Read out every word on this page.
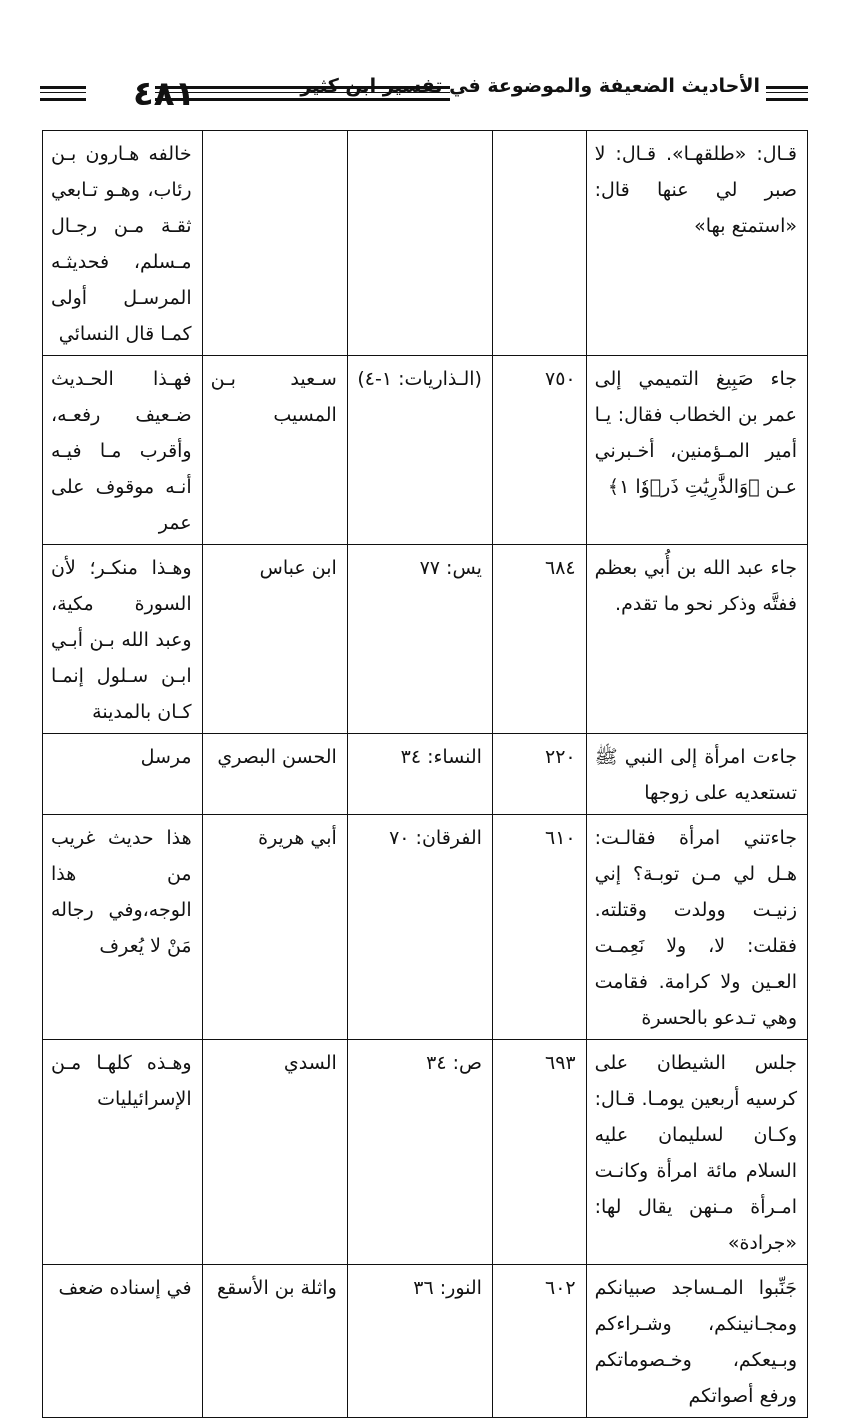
٤٨١	الأحاديث الضعيفة والموضوعة في تفسير ابن كثير
قـال: «طلقهـا». قـال: لا صبر لي عنها قال: «استمتع بها»				خالفه هـارون بـن رئاب، وهـو تـابعي ثقـة مـن رجـال مـسلم، فحديثـه المرسـل أولى كمـا قال النسائي
جاء صَبِيغ التميمي إلى عمر بن الخطاب فقال: يـا أمير المـؤمنين، أخـبرني عـن ﴿وَالذَّٰرِيَٰتِ ذَرۡوٗا ١﴾	٧٥٠	(الـذاريات: ١-٤)	سـعيد بـن المسيب	فهـذا الحـديث ضـعيف رفعـه، وأقرب مـا فيـه أنـه موقوف على عمر
جاء عبد الله بن أُبي بعظم ففتَّه وذكر نحو ما تقدم.	٦٨٤	يس: ٧٧	ابن عباس	وهـذا منكـر؛ لأن السورة مكية، وعبد الله بـن أبـي ابـن سـلول إنمـا كـان بالمدينة
جاءت امرأة إلى النبي ﷺ تستعديه على زوجها	٢٢٠	النساء: ٣٤	الحسن البصري	مرسل
جاءتني امرأة فقالـت: هـل لي مـن توبـة؟ إني زنيـت وولدت وقتلته. فقلت: لا، ولا نَعِمـت العـين ولا كرامة. فقامت وهي تـدعو بالحسرة	٦١٠	الفرقان: ٧٠	أبي هريرة	هذا حديث غريب من هذا الوجه،وفي رجاله مَنْ لا يُعرف
جلس الشيطان على كرسيه أربعين يومـا. قـال: وكـان لسليمان عليه السلام مائة امرأة وكانـت امـرأة مـنهن يقال لها: «جرادة»	٦٩٣	ص: ٣٤	السدي	وهـذه كلهـا مـن الإسرائيليات
جَنِّبوا المـساجد صبيانكم ومجـانينكم، وشـراءكم وبـيعكم، وخـصوماتكم ورفع أصواتكم	٦٠٢	النور: ٣٦	واثلة بن الأسقع	في إسناده ضعف
